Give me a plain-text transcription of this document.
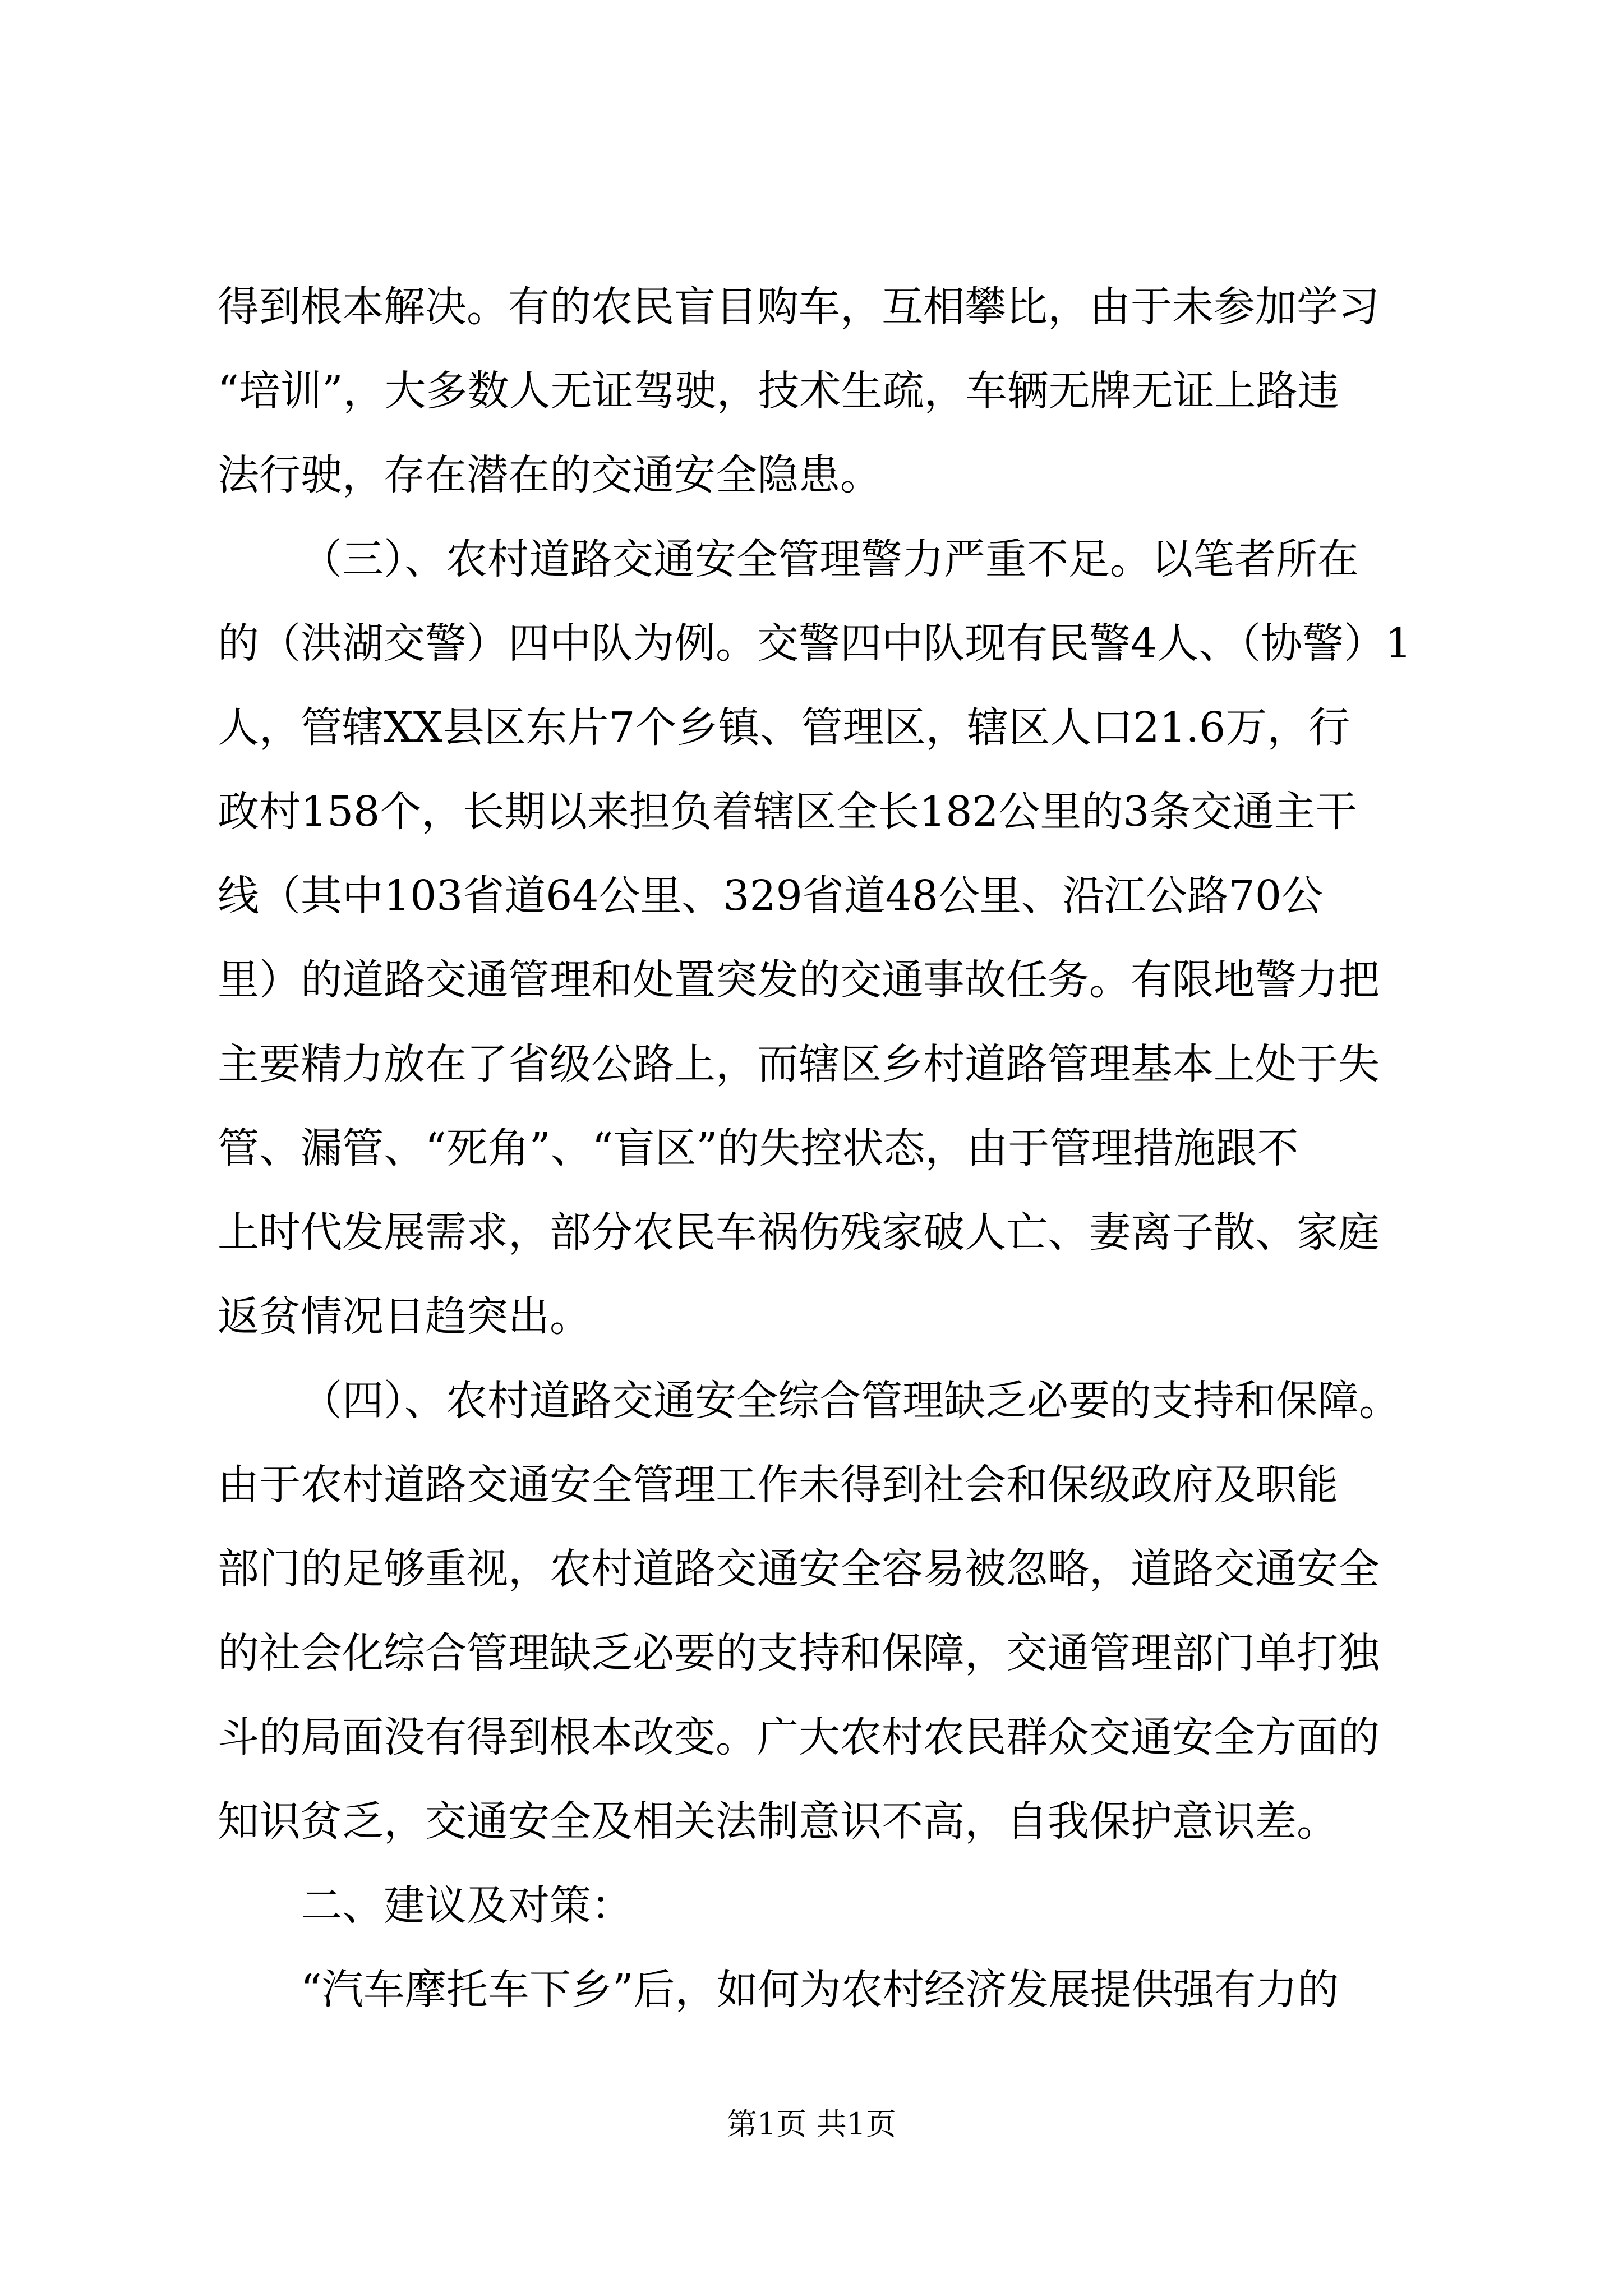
得到根本解决。有的农民盲目购车，互相攀比，由于未参加学习
“培训”，大多数人无证驾驶，技术生疏，车辆无牌无证上路违
法行驶，存在潜在的交通安全隐患。
（三）、农村道路交通安全管理警力严重不足。以笔者所在
的（洪湖交警）四中队为例。交警四中队现有民警4人、（协警）1
人，管辖XX县区东片7个乡镇、管理区，辖区人口21.6万，行
政村158个，长期以来担负着辖区全长182公里的3条交通主干
线（其中103省道64公里、329省道48公里、沿江公路70公
里）的道路交通管理和处置突发的交通事故任务。有限地警力把
主要精力放在了省级公路上，而辖区乡村道路管理基本上处于失
管、漏管、“死角”、“盲区”的失控状态，由于管理措施跟不
上时代发展需求，部分农民车祸伤残家破人亡、妻离子散、家庭
返贫情况日趋突出。
（四）、农村道路交通安全综合管理缺乏必要的支持和保障。
由于农村道路交通安全管理工作未得到社会和保级政府及职能
部门的足够重视，农村道路交通安全容易被忽略，道路交通安全
的社会化综合管理缺乏必要的支持和保障，交通管理部门单打独
斗的局面没有得到根本改变。广大农村农民群众交通安全方面的
知识贫乏，交通安全及相关法制意识不高，自我保护意识差。
二、建议及对策：
“汽车摩托车下乡”后，如何为农村经济发展提供强有力的
第1页 共1页
